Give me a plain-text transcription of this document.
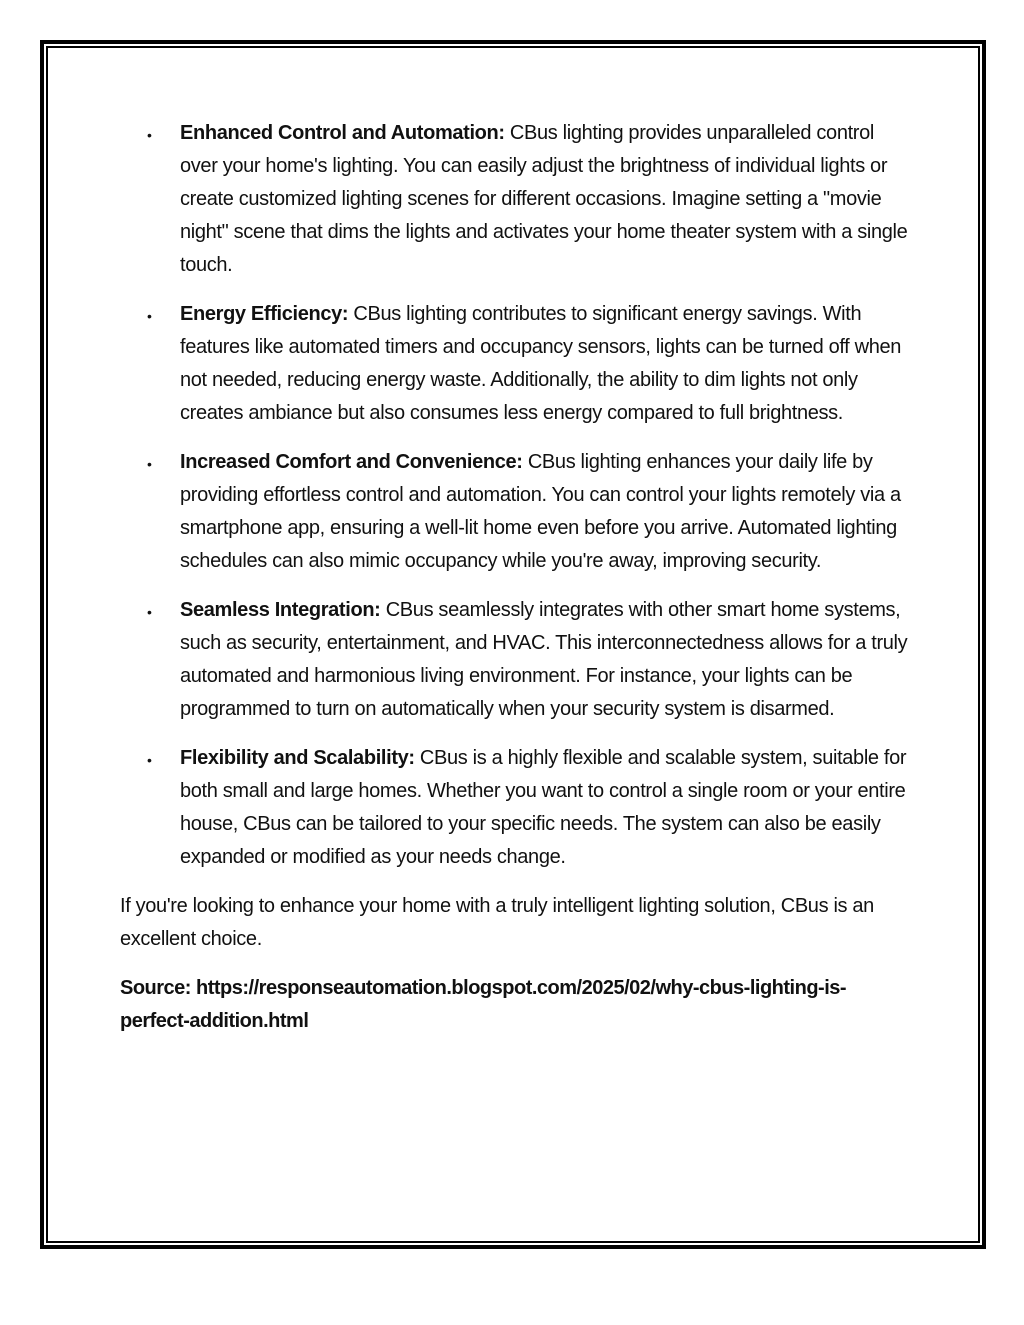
• Enhanced Control and Automation: CBus lighting provides unparalleled control over your home's lighting. You can easily adjust the brightness of individual lights or create customized lighting scenes for different occasions. Imagine setting a "movie night" scene that dims the lights and activates your home theater system with a single touch.
• Energy Efficiency: CBus lighting contributes to significant energy savings. With features like automated timers and occupancy sensors, lights can be turned off when not needed, reducing energy waste. Additionally, the ability to dim lights not only creates ambiance but also consumes less energy compared to full brightness.
• Increased Comfort and Convenience: CBus lighting enhances your daily life by providing effortless control and automation. You can control your lights remotely via a smartphone app, ensuring a well-lit home even before you arrive. Automated lighting schedules can also mimic occupancy while you're away, improving security.
• Seamless Integration: CBus seamlessly integrates with other smart home systems, such as security, entertainment, and HVAC. This interconnectedness allows for a truly automated and harmonious living environment. For instance, your lights can be programmed to turn on automatically when your security system is disarmed.
• Flexibility and Scalability: CBus is a highly flexible and scalable system, suitable for both small and large homes. Whether you want to control a single room or your entire house, CBus can be tailored to your specific needs. The system can also be easily expanded or modified as your needs change.

If you're looking to enhance your home with a truly intelligent lighting solution, CBus is an excellent choice.

Source: https://responseautomation.blogspot.com/2025/02/why-cbus-lighting-is-perfect-addition.html
